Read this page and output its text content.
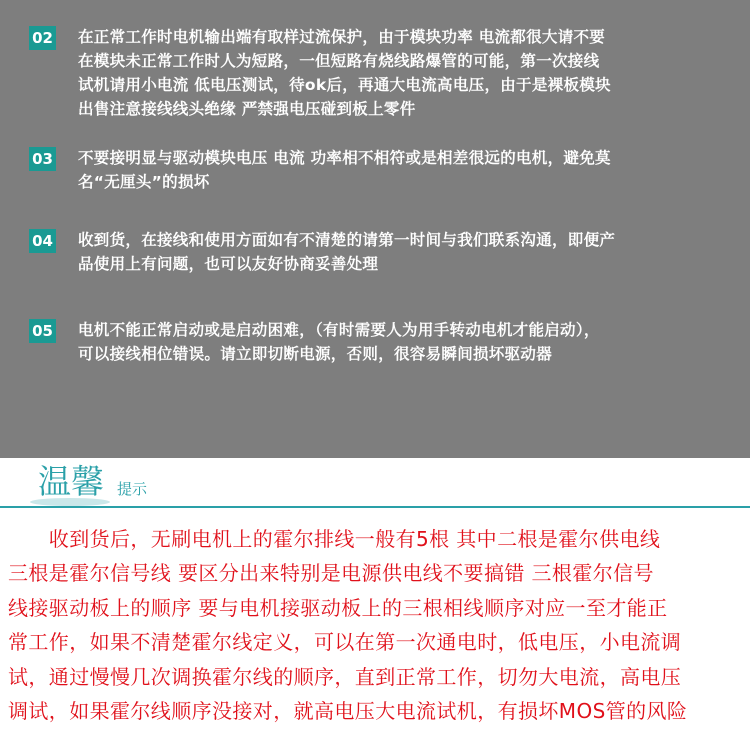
02 在正常工作时电机输出端有取样过流保护，由于模块功率 电流都很大请不要

在模块未正常工作时人为短路，一但短路有烧线路爆管的可能，第一次接线

试机请用小电流 低电压测试，待ok后，再通大电流高电压，由于是裸板模块

出售注意接线线头绝缘 严禁强电压碰到板上零件

03 不要接明显与驱动模块电压 电流 功率相不相符或是相差很远的电机，避免莫

名“无厘头”的损坏

04 收到货，在接线和使用方面如有不清楚的请第一时间与我们联系沟通，即便产

品使用上有问题，也可以友好协商妥善处理

05 电机不能正常启动或是启动困难，（有时需要人为用手转动电机才能启动），

可以接线相位错误。请立即切断电源，否则，很容易瞬间损坏驱动器

温馨 提示

　　收到货后，无刷电机上的霍尔排线一般有5根 其中二根是霍尔供电线

三根是霍尔信号线 要区分出来特别是电源供电线不要搞错 三根霍尔信号

线接驱动板上的顺序 要与电机接驱动板上的三根相线顺序对应一至才能正

常工作，如果不清楚霍尔线定义，可以在第一次通电时，低电压，小电流调

试，通过慢慢几次调换霍尔线的顺序，直到正常工作，切勿大电流，高电压

调试，如果霍尔线顺序没接对，就高电压大电流试机，有损坏MOS管的风险
